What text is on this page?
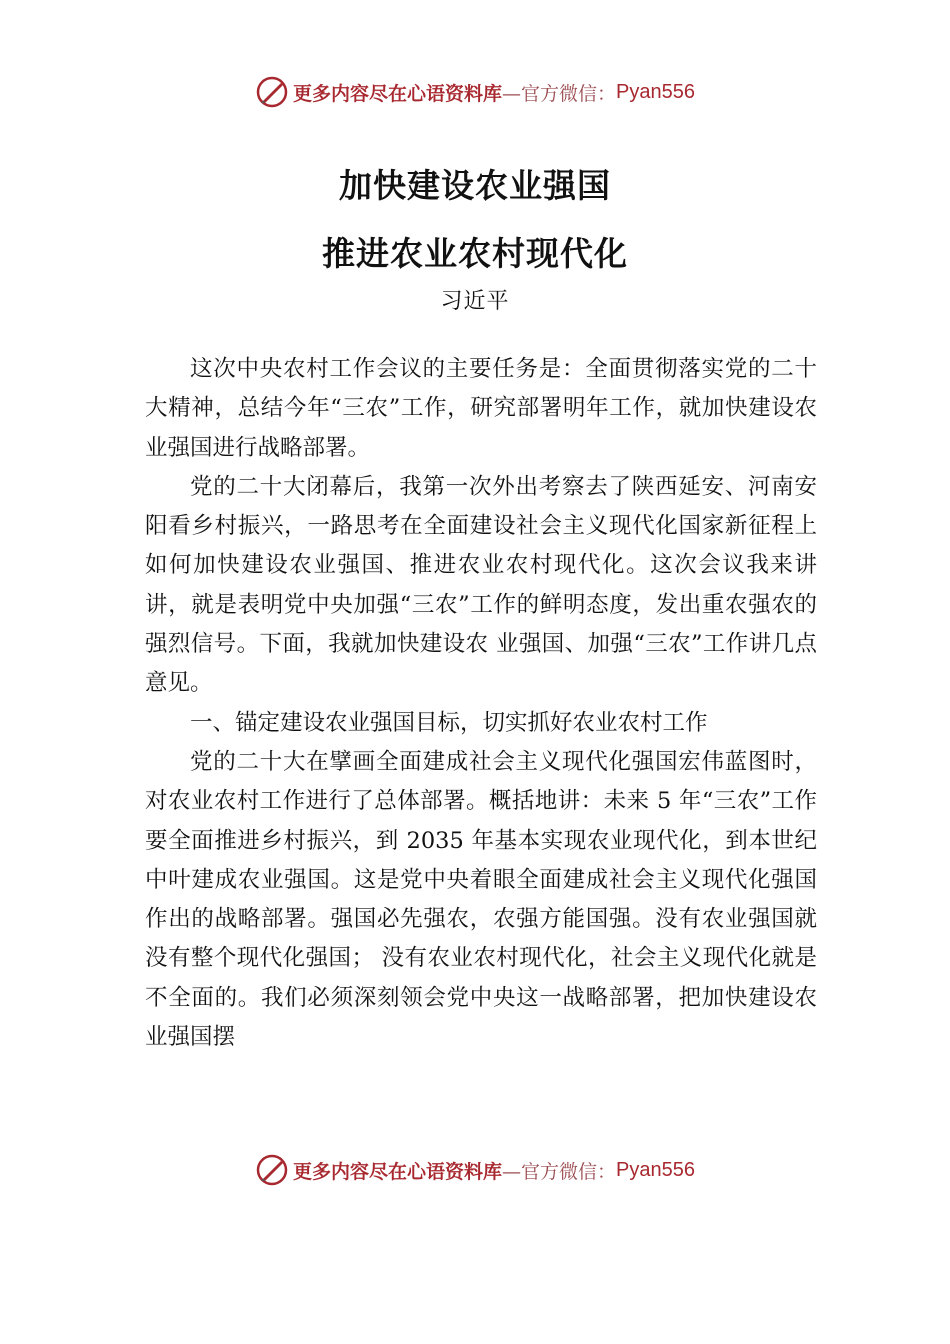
更多内容尽在心语资料库 —官方微信： Pyan556
加快建设农业强国
推进农业农村现代化
习近平

这次中央农村工作会议的主要任务是：全面贯彻落实党的二十大精神，总结今年“三农”工作，研究部署明年工作，就加快建设农业强国进行战略部署。

党的二十大闭幕后，我第一次外出考察去了陕西延安、河南安阳看乡村振兴，一路思考在全面建设社会主义现代化国家新征程上如何加快建设农业强国、推进农业农村现代化。这次会议我来讲讲，就是表明党中央加强“三农”工作的鲜明态度，发出重农强农的强烈信号。下面，我就加快建设农 业强国、加强“三农”工作讲几点意见。

一、锚定建设农业强国目标，切实抓好农业农村工作

党的二十大在擘画全面建成社会主义现代化强国宏伟蓝图时，对农业农村工作进行了总体部署。概括地讲：未来 5 年“三农”工作要全面推进乡村振兴，到 2035 年基本实现农业现代化，到本世纪中叶建成农业强国。这是党中央着眼全面建成社会主义现代化强国作出的战略部署。强国必先强农，农强方能国强。没有农业强国就没有整个现代化强国； 没有农业农村现代化，社会主义现代化就是不全面的。我们必须深刻领会党中央这一战略部署，把加快建设农业强国摆

更多内容尽在心语资料库 —官方微信： Pyan556
